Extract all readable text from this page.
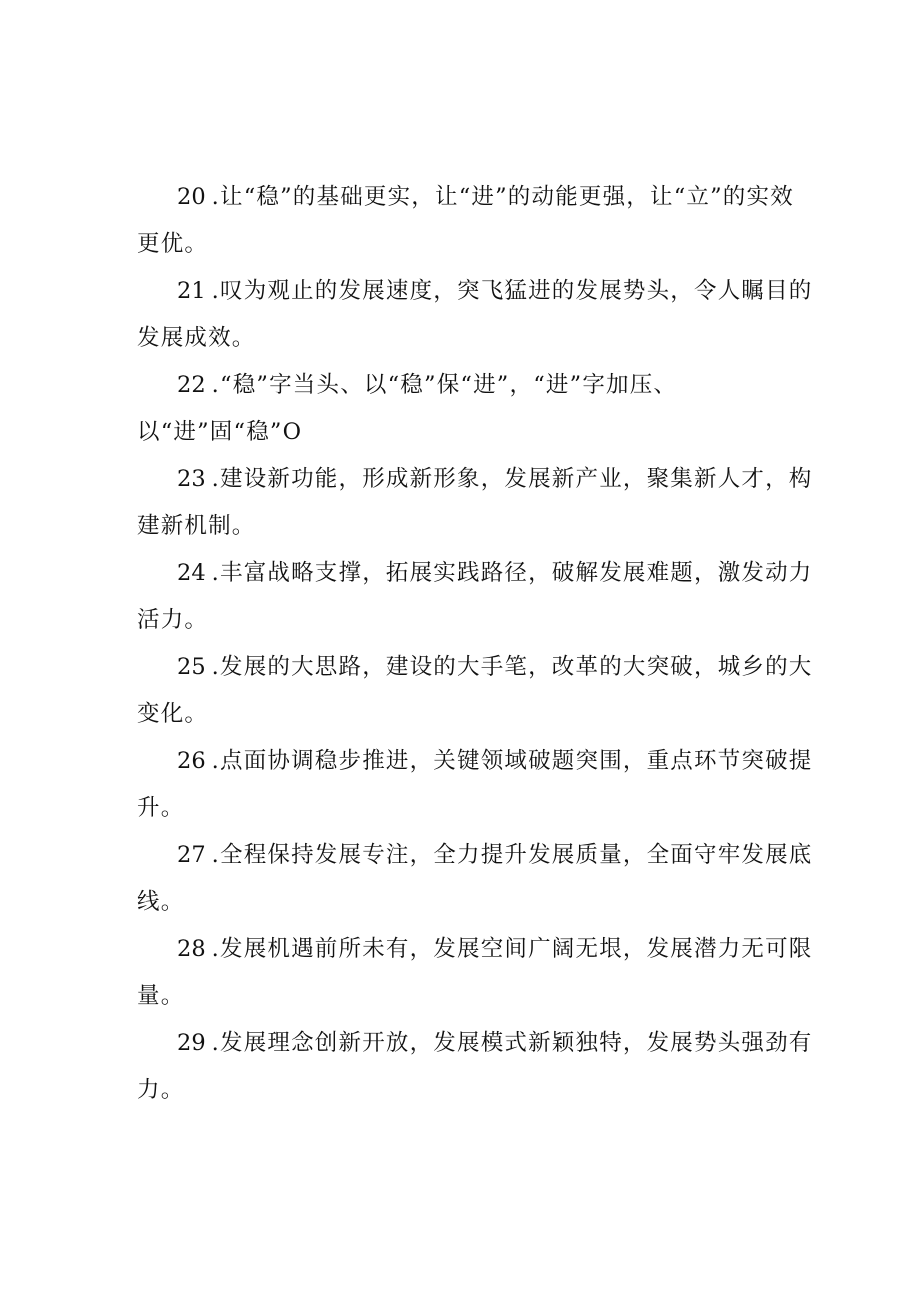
20 .让“稳”的基础更实，让“进”的动能更强，让“立”的实效更优。

21 .叹为观止的发展速度，突飞猛进的发展势头，令人瞩目的发展成效。

22 .“稳”字当头、以“稳”保“进”，“进”字加压、以“进”固“稳”O

23 .建设新功能，形成新形象，发展新产业，聚集新人才，构建新机制。

24 .丰富战略支撑，拓展实践路径，破解发展难题，激发动力活力。

25 .发展的大思路，建设的大手笔，改革的大突破，城乡的大变化。

26 .点面协调稳步推进，关键领域破题突围，重点环节突破提升。

27 .全程保持发展专注，全力提升发展质量，全面守牢发展底线。

28 .发展机遇前所未有，发展空间广阔无垠，发展潜力无可限量。

29 .发展理念创新开放，发展模式新颖独特，发展势头强劲有力。
